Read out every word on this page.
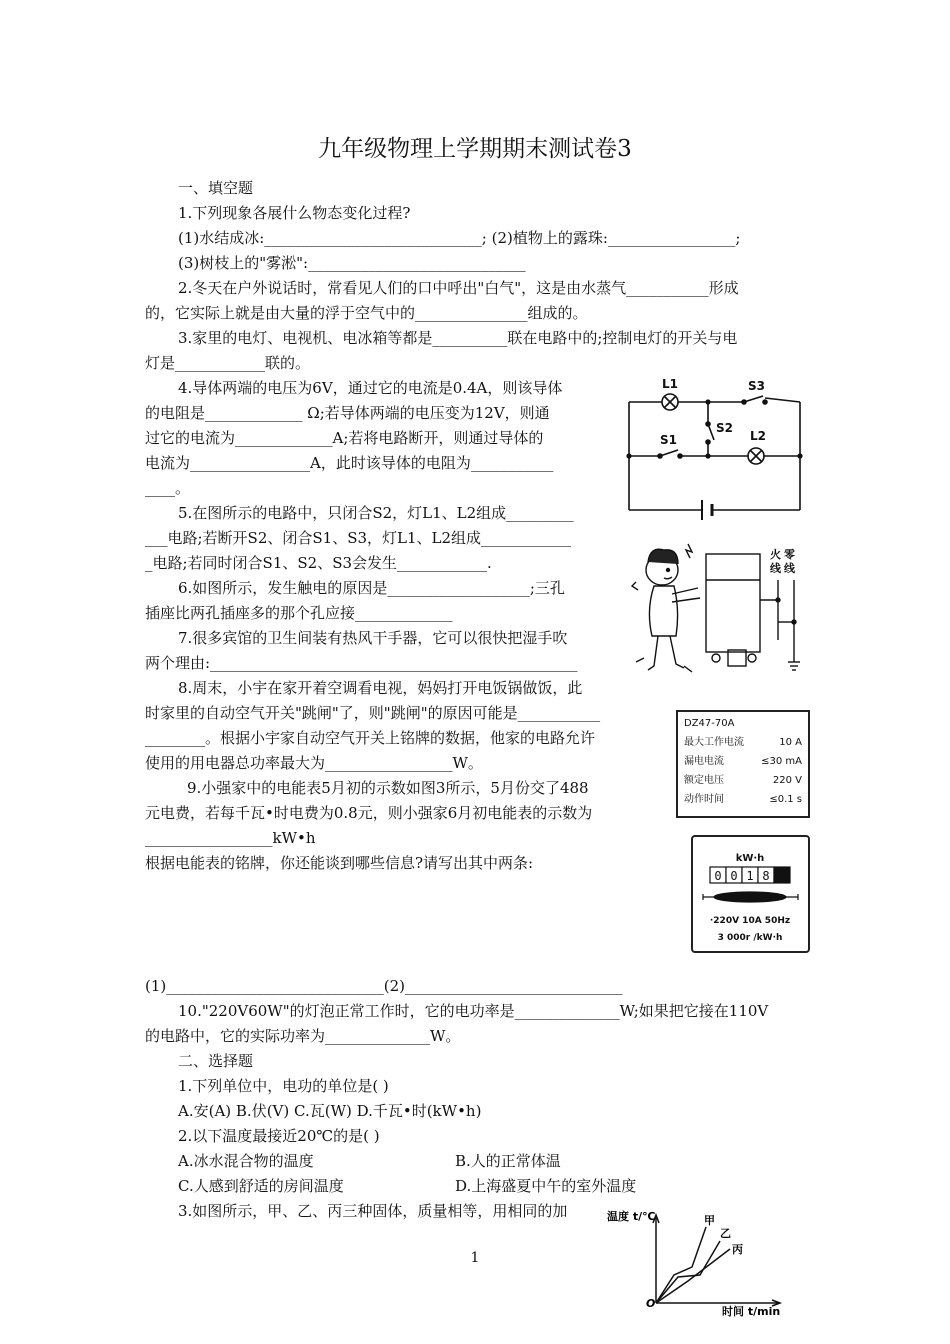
九年级物理上学期期末测试卷3
一、填空题
1.下列现象各展什么物态变化过程?
(1)水结成冰:_____________________________; (2)植物上的露珠:_________________;
(3)树枝上的"雾淞":_____________________________
2.冬天在户外说话时，常看见人们的口中呼出"白气"，这是由水蒸气___________形成
的，它实际上就是由大量的浮于空气中的_______________组成的。
3.家里的电灯、电视机、电冰箱等都是__________联在电路中的;控制电灯的开关与电
灯是____________联的。
4.导体两端的电压为6V，通过它的电流是0.4A，则该导体
的电阻是_____________ Ω;若导体两端的电压变为12V，则通
过它的电流为_____________A;若将电路断开，则通过导体的
电流为________________A，此时该导体的电阻为___________
____。
5.在图所示的电路中，只闭合S2，灯L1、L2组成_________
___电路;若断开S2、闭合S1、S3，灯L1、L2组成____________
_电路;若同时闭合S1、S2、S3会发生____________.
6.如图所示，发生触电的原因是___________________;三孔
插座比两孔插座多的那个孔应接_____________
7.很多宾馆的卫生间装有热风干手器，它可以很快把湿手吹
两个理由:_________________________________________________
8.周末，小宇在家开着空调看电视，妈妈打开电饭锅做饭，此
时家里的自动空气开关"跳闸"了，则"跳闸"的原因可能是___________
________。根据小宇家自动空气开关上铭牌的数据，他家的电路允许
使用的用电器总功率最大为_________________W。
9.小强家中的电能表5月初的示数如图3所示，5月份交了488
元电费，若每千瓦•时电费为0.8元，则小强家6月初电能表的示数为
_________________kW•h
根据电能表的铭牌，你还能谈到哪些信息?请写出其中两条:
(1)_____________________________(2)_____________________________
10."220V60W"的灯泡正常工作时，它的电功率是______________W;如果把它接在110V
的电路中，它的实际功率为______________W。
二、选择题
1.下列单位中，电功的单位是( )
A.安(A) B.伏(V) C.瓦(W) D.千瓦•时(kW•h)
2.以下温度最接近20℃的是( )
A.冰水混合物的温度	B.人的正常体温
C.人感到舒适的房间温度	D.上海盛夏中午的室外温度
3.如图所示，甲、乙、丙三种固体，质量相等，用相同的加
L1	S3
S2
S1	L2
火 零
线 线
DZ47-70A
最大工作电流	10 A
漏电电流	≤30 mA
额定电压	220 V
动作时间	≤0.1 s
kW·h
0 0 1 8
·220V 10A 50Hz
3 000r /kW·h
温度 t/℃
时间 t/min
O
甲
乙
丙
1
